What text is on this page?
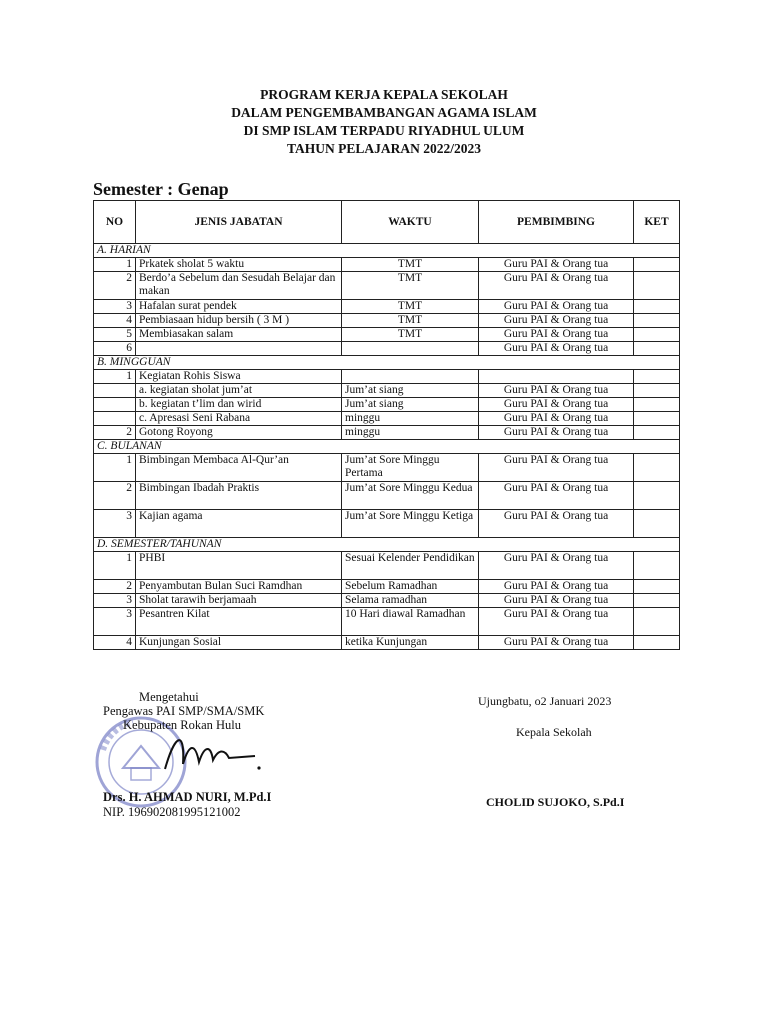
PROGRAM KERJA KEPALA SEKOLAH
DALAM PENGEMBAMBANGAN AGAMA ISLAM
DI SMP ISLAM TERPADU RIYADHUL ULUM
TAHUN PELAJARAN 2022/2023
Semester : Genap
NO	JENIS JABATAN	WAKTU	PEMBIMBING	KET
A. HARIAN				
1	Prkatek sholat 5 waktu	TMT	Guru PAI & Orang tua	
2	Berdo’a Sebelum dan Sesudah Belajar dan makan	TMT	Guru PAI & Orang tua	
3	Hafalan surat pendek	TMT	Guru PAI & Orang tua	
4	Pembiasaan hidup bersih ( 3 M )	TMT	Guru PAI & Orang tua	
5	Membiasakan salam	TMT	Guru PAI & Orang tua	
6			Guru PAI & Orang tua	
B. MINGGUAN				
1	Kegiatan Rohis Siswa			
	a. kegiatan sholat jum’at	Jum’at siang	Guru PAI & Orang tua	
	b. kegiatan t’lim dan wirid	Jum’at siang	Guru PAI & Orang tua	
	c. Apresasi Seni Rabana	minggu	Guru PAI & Orang tua	
2	Gotong Royong	minggu	Guru PAI & Orang tua	
C. BULANAN				
1	Bimbingan Membaca Al-Qur’an	Jum’at Sore Minggu Pertama	Guru PAI & Orang tua	
2	Bimbingan Ibadah Praktis	Jum’at Sore Minggu Kedua	Guru PAI & Orang tua	
3	Kajian agama	Jum’at Sore Minggu Ketiga	Guru PAI & Orang tua	
D. SEMESTER/TAHUNAN				
1	PHBI	Sesuai Kelender Pendidikan	Guru PAI & Orang tua	
2	Penyambutan Bulan Suci Ramdhan	Sebelum Ramadhan	Guru PAI & Orang tua	
3	Sholat tarawih berjamaah	Selama ramadhan	Guru PAI & Orang tua	
3	Pesantren Kilat	10 Hari diawal Ramadhan	Guru PAI & Orang tua	
4	Kunjungan Sosial	ketika Kunjungan	Guru PAI & Orang tua	
Mengetahui
Pengawas PAI SMP/SMA/SMK
Kebupaten Rokan Hulu
Drs. H. AHMAD NURI, M.Pd.I
NIP. 196902081995121002
Ujungbatu, o2 Januari 2023
Kepala Sekolah
CHOLID SUJOKO, S.Pd.I
